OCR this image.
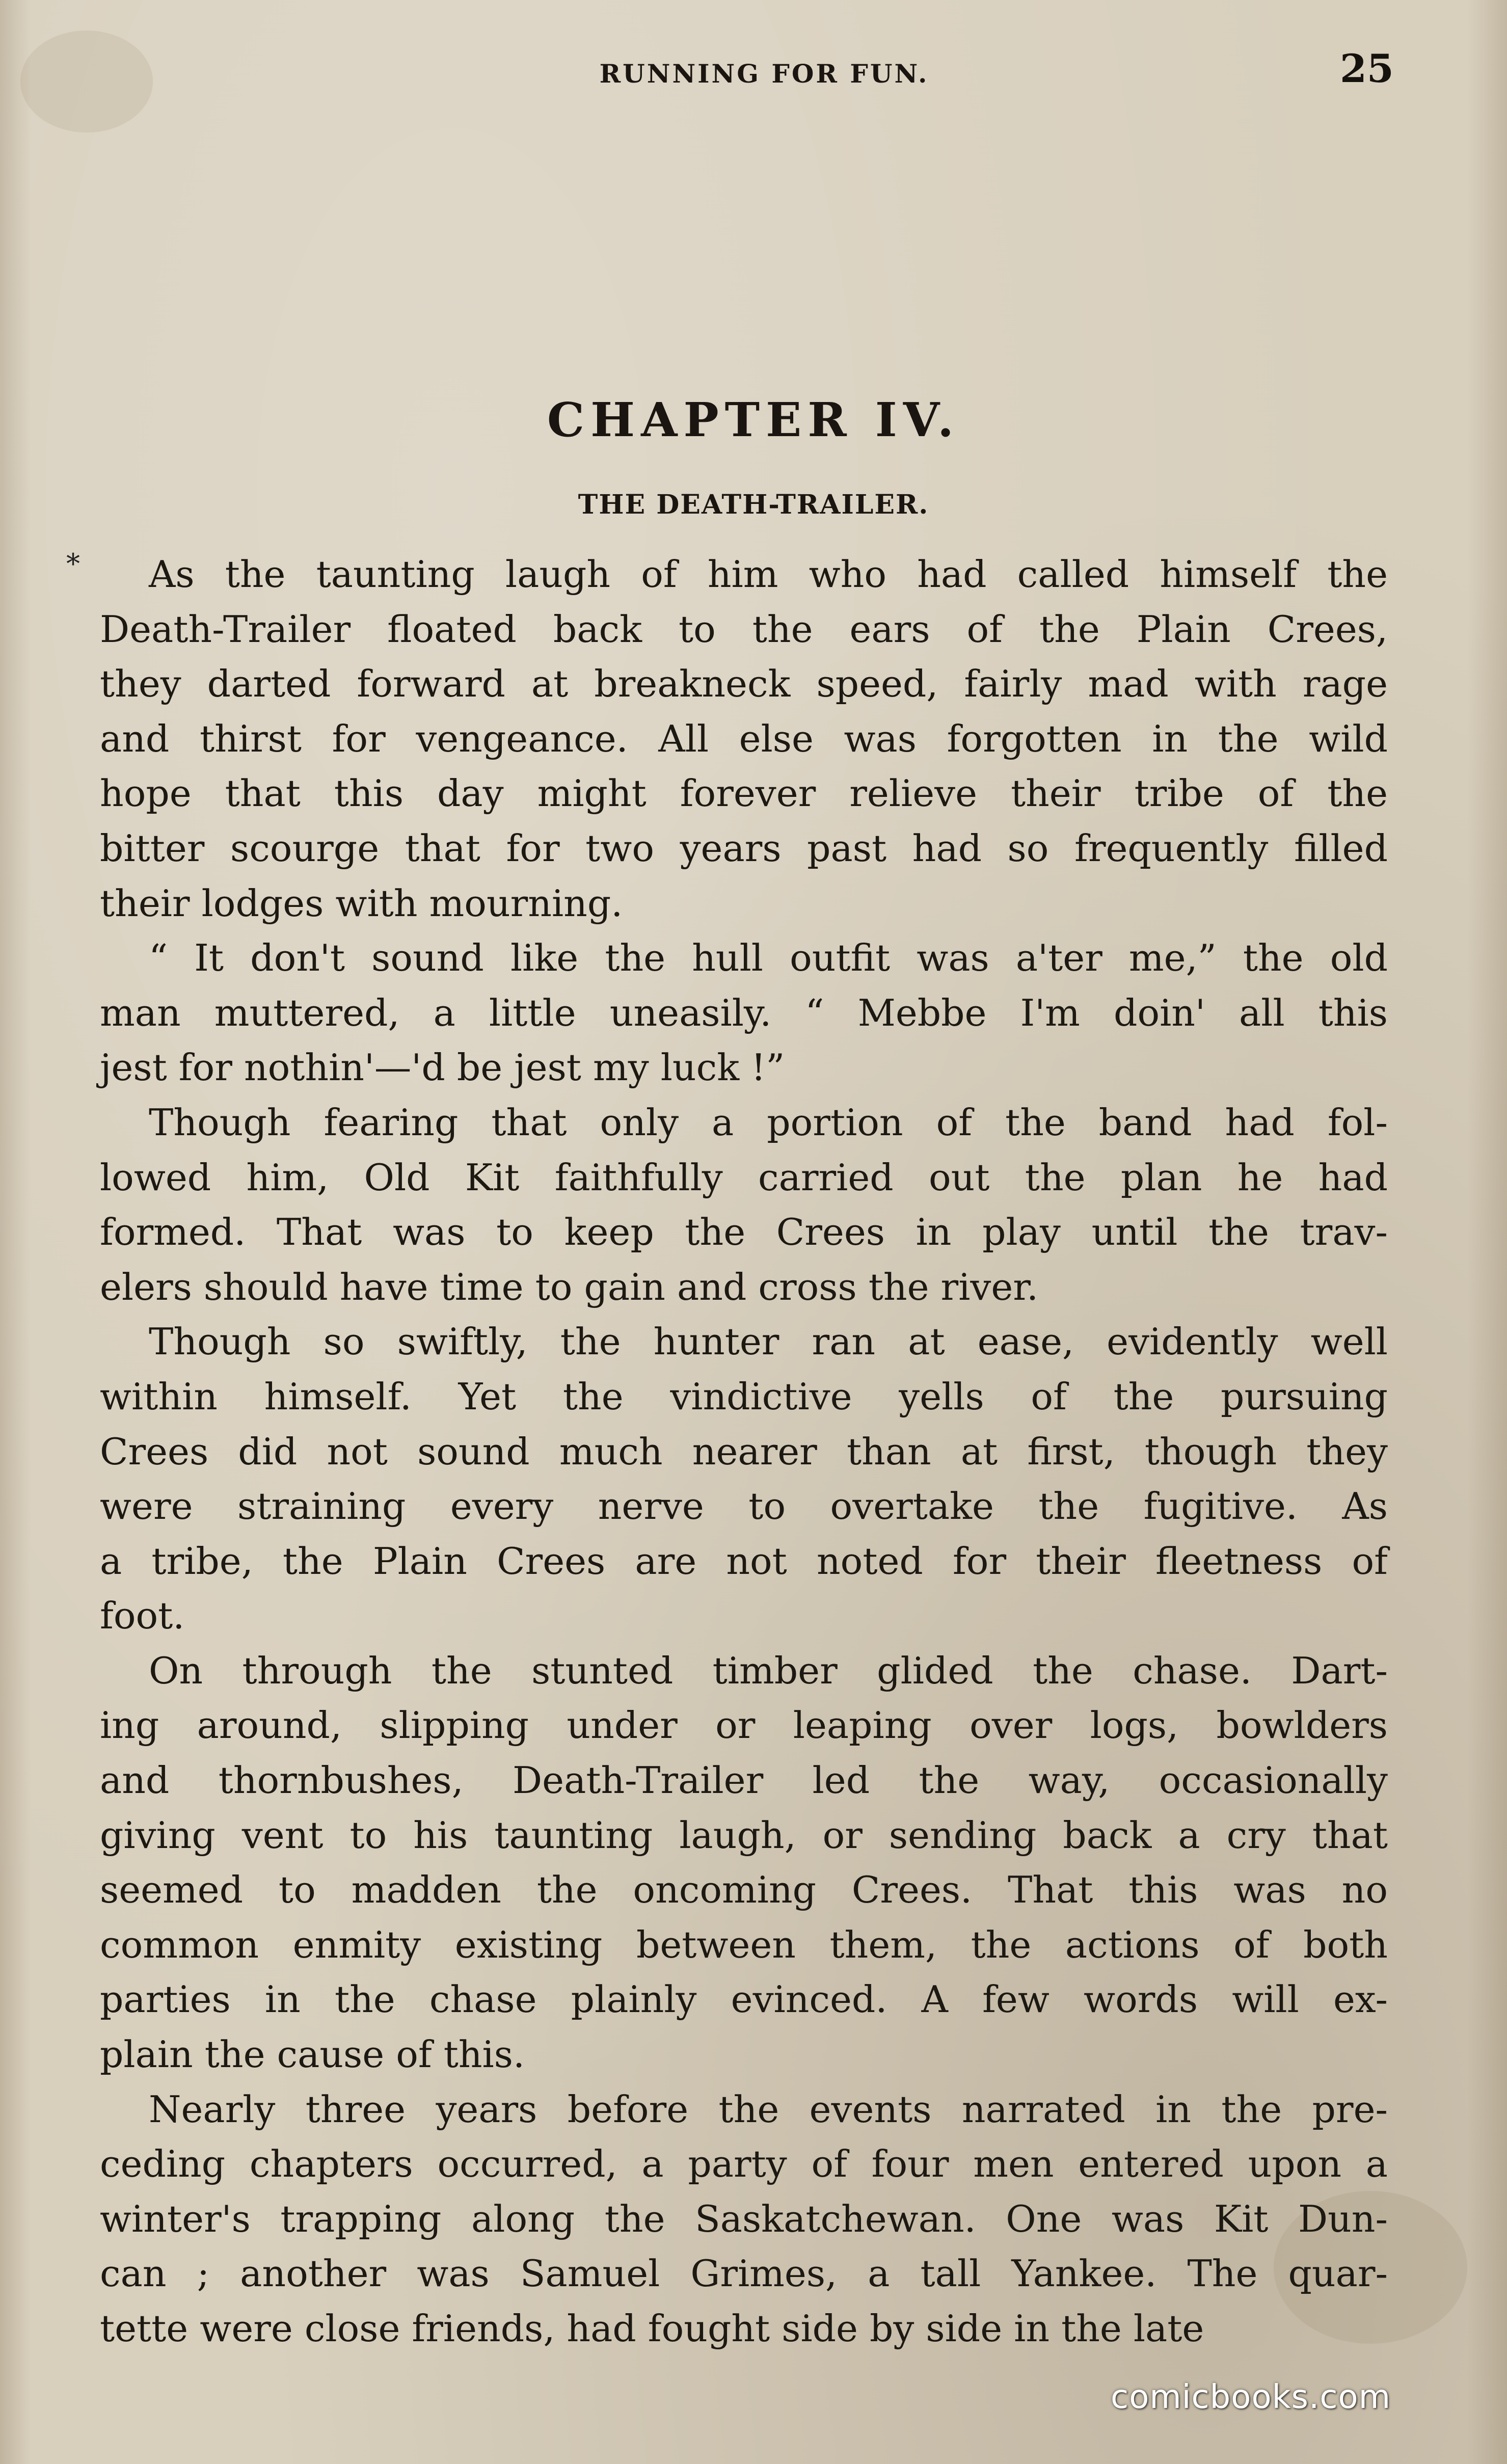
RUNNING FOR FUN.	25
CHAPTER IV.
THE DEATH-TRAILER.
*	As the taunting laugh of him who had called himself the
Death-Trailer floated back to the ears of the Plain Crees,
they darted forward at breakneck speed, fairly mad with rage
and thirst for vengeance. All else was forgotten in the wild
hope that this day might forever relieve their tribe of the
bitter scourge that for two years past had so frequently filled
their lodges with mourning.
“ It don't sound like the hull outfit was a'ter me,” the old
man muttered, a little uneasily. “ Mebbe I'm doin' all this
jest for nothin'—'d be jest my luck !”
Though fearing that only a portion of the band had fol-
lowed him, Old Kit faithfully carried out the plan he had
formed. That was to keep the Crees in play until the trav-
elers should have time to gain and cross the river.
Though so swiftly, the hunter ran at ease, evidently well
within himself. Yet the vindictive yells of the pursuing
Crees did not sound much nearer than at first, though they
were straining every nerve to overtake the fugitive. As
a tribe, the Plain Crees are not noted for their fleetness of
foot.
On through the stunted timber glided the chase. Dart-
ing around, slipping under or leaping over logs, bowlders
and thornbushes, Death-Trailer led the way, occasionally
giving vent to his taunting laugh, or sending back a cry that
seemed to madden the oncoming Crees. That this was no
common enmity existing between them, the actions of both
parties in the chase plainly evinced. A few words will ex-
plain the cause of this.
Nearly three years before the events narrated in the pre-
ceding chapters occurred, a party of four men entered upon a
winter's trapping along the Saskatchewan. One was Kit Dun-
can ; another was Samuel Grimes, a tall Yankee. The quar-
tette were close friends, had fought side by side in the late
comicbooks.com
